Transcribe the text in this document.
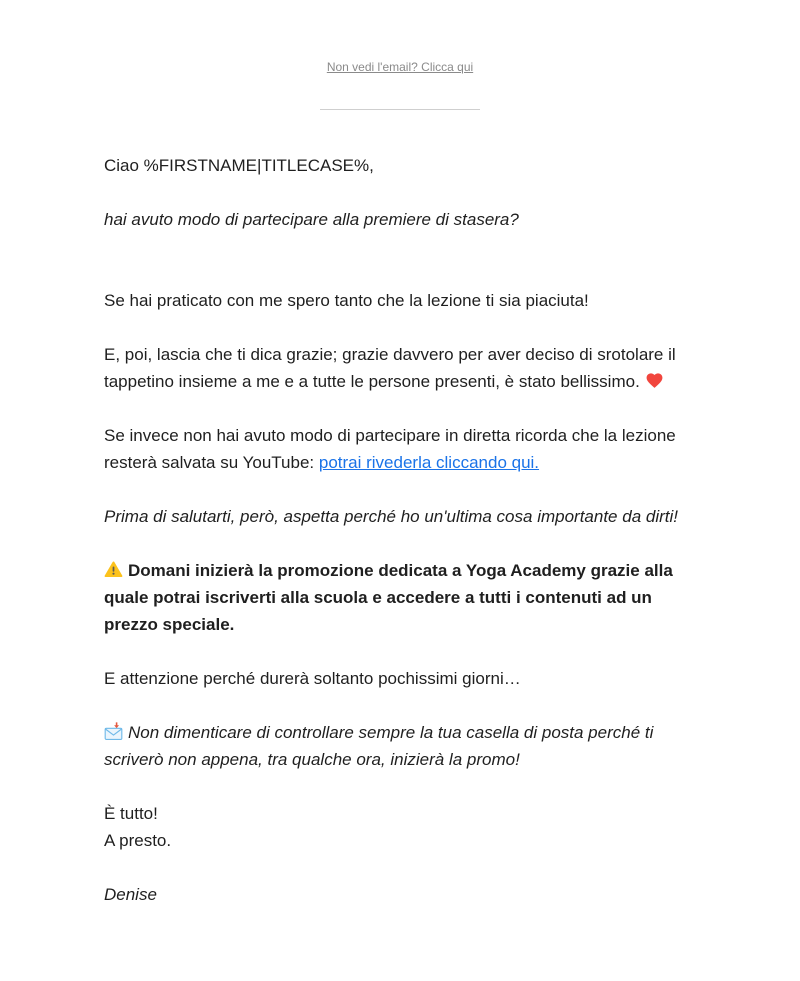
Non vedi l'email? Clicca qui

Ciao %FIRSTNAME|TITLECASE%,

hai avuto modo di partecipare alla premiere di stasera?

Se hai praticato con me spero tanto che la lezione ti sia piaciuta!

E, poi, lascia che ti dica grazie; grazie davvero per aver deciso di srotolare il tappetino insieme a me e a tutte le persone presenti, è stato bellissimo.

Se invece non hai avuto modo di partecipare in diretta ricorda che la lezione resterà salvata su YouTube: potrai rivederla cliccando qui.

Prima di salutarti, però, aspetta perché ho un'ultima cosa importante da dirti!

Domani inizierà la promozione dedicata a Yoga Academy grazie alla quale potrai iscriverti alla scuola e accedere a tutti i contenuti ad un prezzo speciale.

E attenzione perché durerà soltanto pochissimi giorni…

Non dimenticare di controllare sempre la tua casella di posta perché ti scriverò non appena, tra qualche ora, inizierà la promo!

È tutto!
A presto.

Denise
